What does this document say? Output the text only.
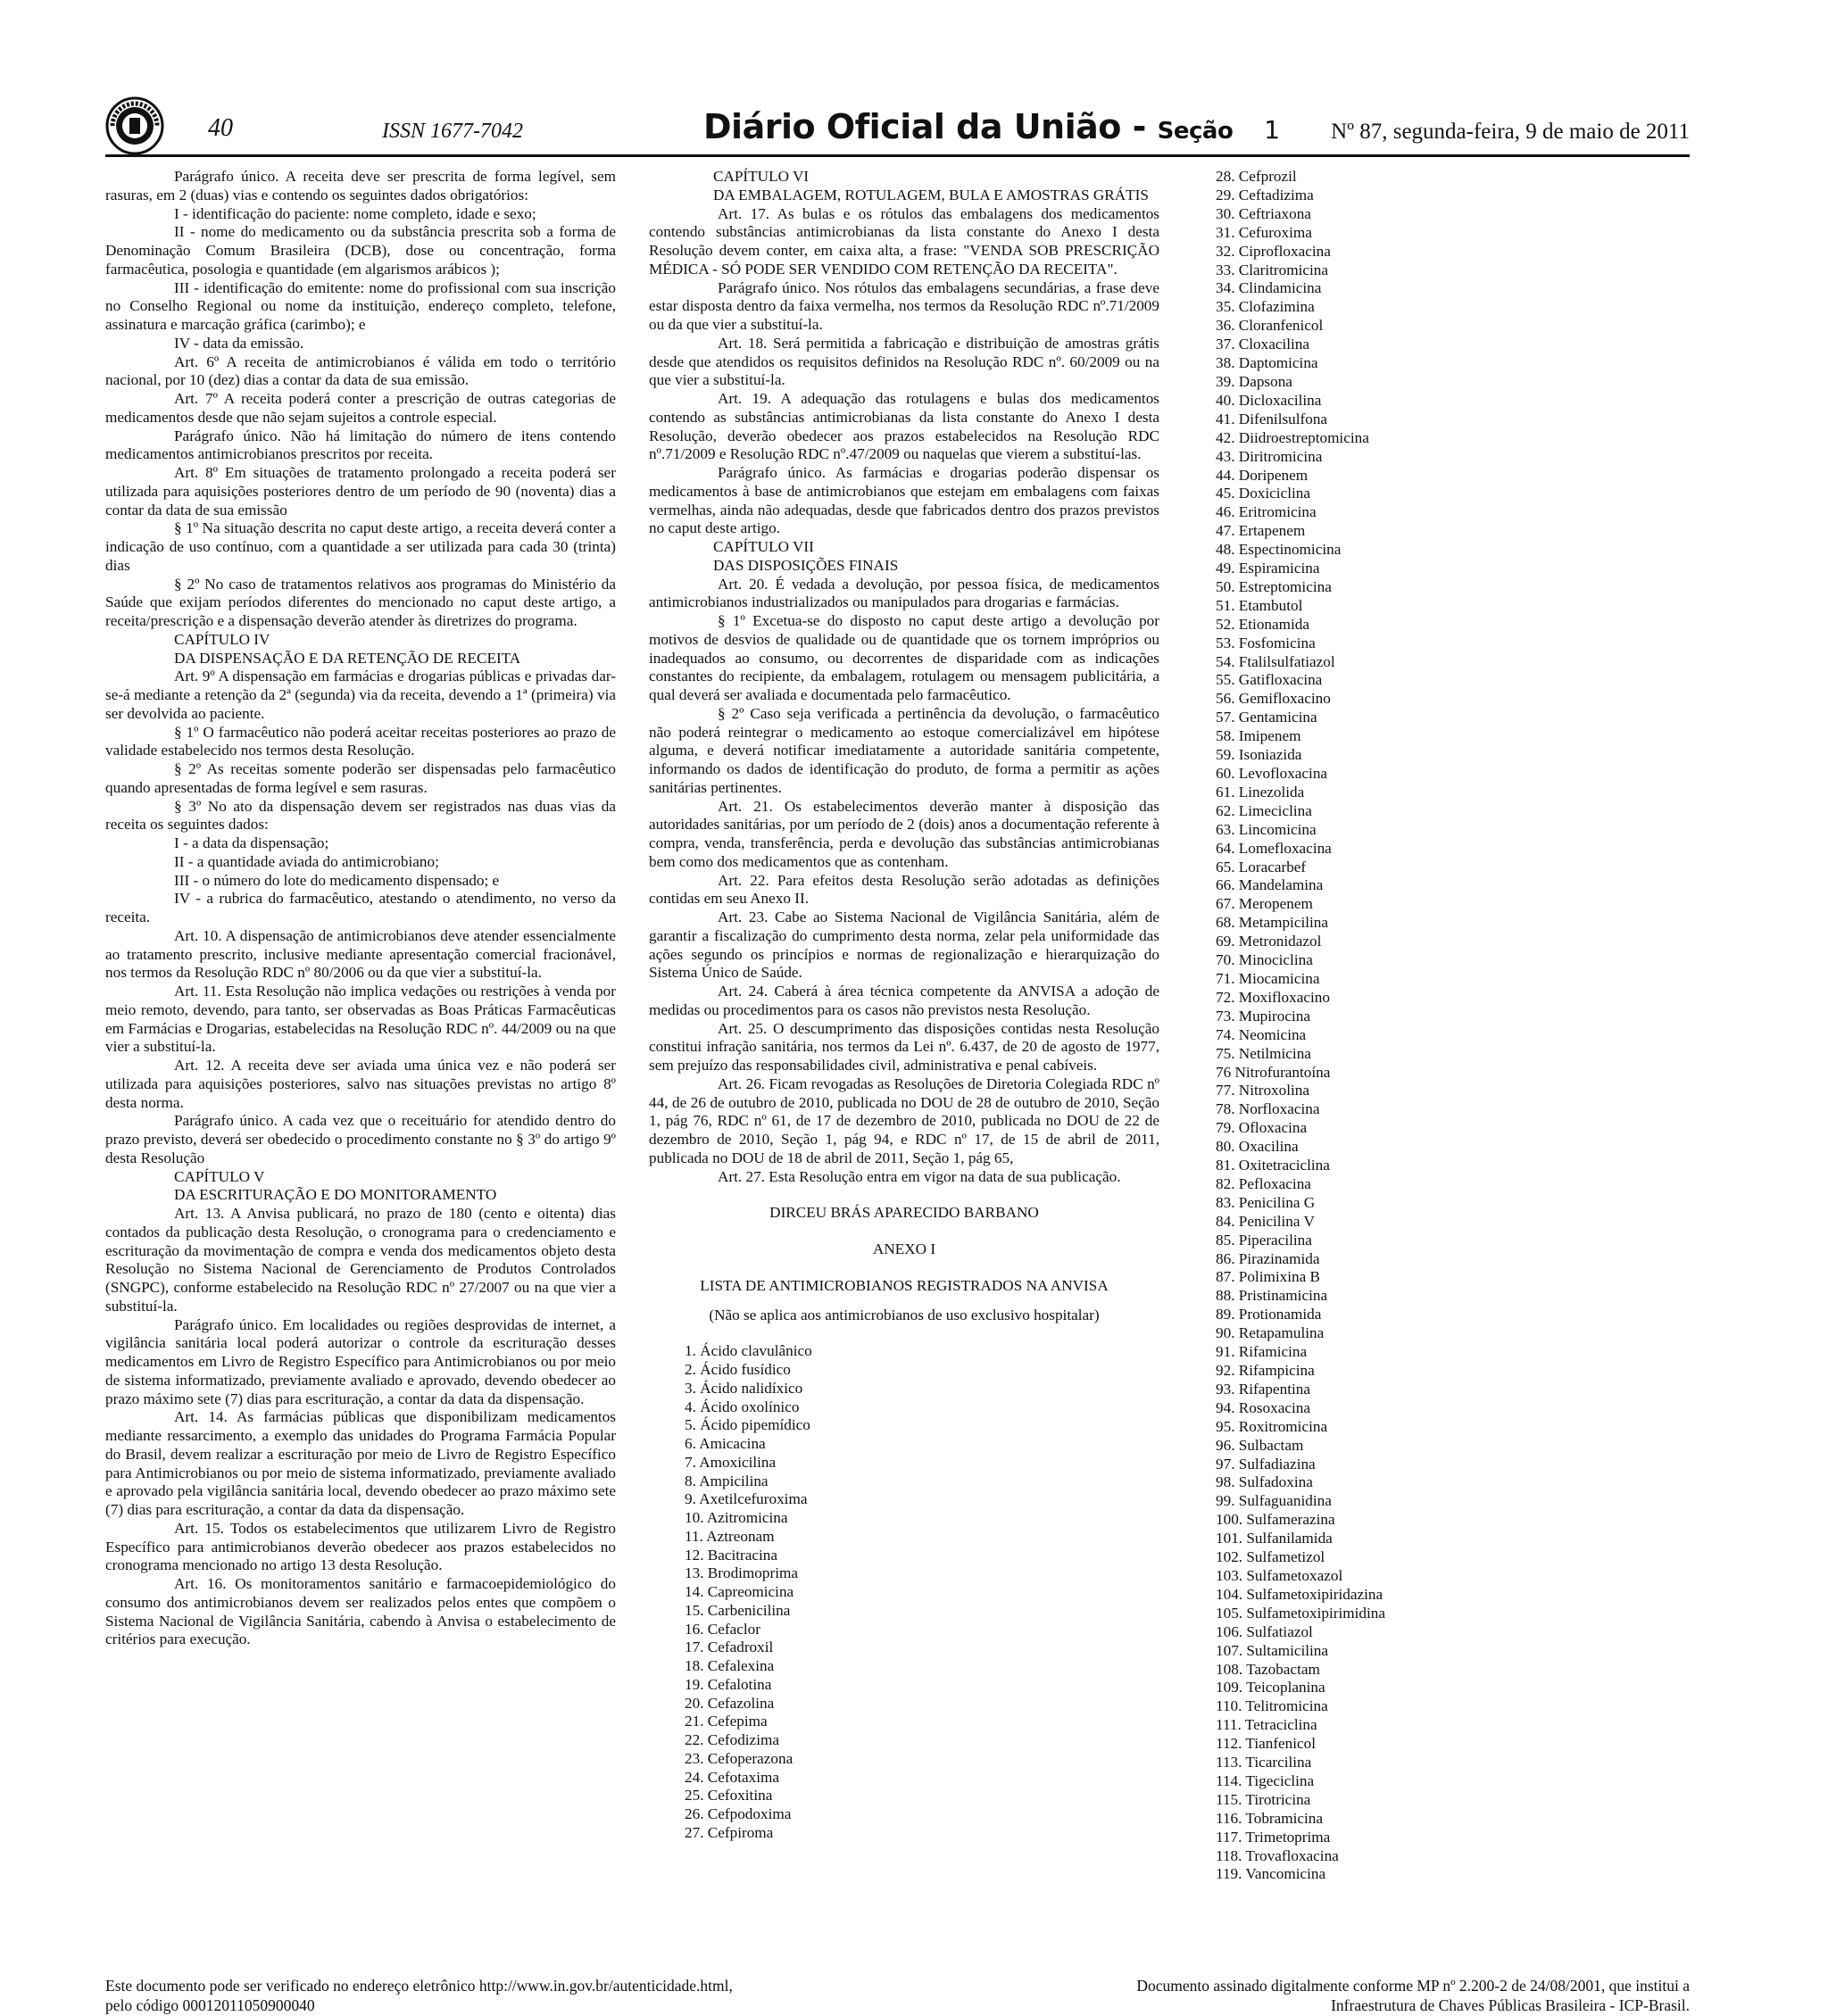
40	ISSN 1677-7042	Diário Oficial da União - Seção 1 Nº 87, segunda-feira, 9 de maio de 2011

Parágrafo único. A receita deve ser prescrita de forma legível, sem rasuras, em 2 (duas) vias e contendo os seguintes dados obrigatórios:

I - identificação do paciente: nome completo, idade e sexo;

II - nome do medicamento ou da substância prescrita sob a forma de Denominação Comum Brasileira (DCB), dose ou concentração, forma farmacêutica, posologia e quantidade (em algarismos arábicos );

III - identificação do emitente: nome do profissional com sua inscrição no Conselho Regional ou nome da instituição, endereço completo, telefone, assinatura e marcação gráfica (carimbo); e

IV - data da emissão.

Art. 6º A receita de antimicrobianos é válida em todo o território nacional, por 10 (dez) dias a contar da data de sua emissão.

Art. 7º A receita poderá conter a prescrição de outras categorias de medicamentos desde que não sejam sujeitos a controle especial.

Parágrafo único. Não há limitação do número de itens contendo medicamentos antimicrobianos prescritos por receita.

Art. 8º Em situações de tratamento prolongado a receita poderá ser utilizada para aquisições posteriores dentro de um período de 90 (noventa) dias a contar da data de sua emissão

§ 1º Na situação descrita no caput deste artigo, a receita deverá conter a indicação de uso contínuo, com a quantidade a ser utilizada para cada 30 (trinta) dias

§ 2º No caso de tratamentos relativos aos programas do Ministério da Saúde que exijam períodos diferentes do mencionado no caput deste artigo, a receita/prescrição e a dispensação deverão atender às diretrizes do programa.

CAPÍTULO IV

DA DISPENSAÇÃO E DA RETENÇÃO DE RECEITA

Art. 9º A dispensação em farmácias e drogarias públicas e privadas dar-se-á mediante a retenção da 2ª (segunda) via da receita, devendo a 1ª (primeira) via ser devolvida ao paciente.

§ 1º O farmacêutico não poderá aceitar receitas posteriores ao prazo de validade estabelecido nos termos desta Resolução.

§ 2º As receitas somente poderão ser dispensadas pelo farmacêutico quando apresentadas de forma legível e sem rasuras.

§ 3º No ato da dispensação devem ser registrados nas duas vias da receita os seguintes dados:

I - a data da dispensação;

II - a quantidade aviada do antimicrobiano;

III - o número do lote do medicamento dispensado; e

IV - a rubrica do farmacêutico, atestando o atendimento, no verso da receita.

Art. 10. A dispensação de antimicrobianos deve atender essencialmente ao tratamento prescrito, inclusive mediante apresentação comercial fracionável, nos termos da Resolução RDC nº 80/2006 ou da que vier a substituí-la.

Art. 11. Esta Resolução não implica vedações ou restrições à venda por meio remoto, devendo, para tanto, ser observadas as Boas Práticas Farmacêuticas em Farmácias e Drogarias, estabelecidas na Resolução RDC nº. 44/2009 ou na que vier a substituí-la.

Art. 12. A receita deve ser aviada uma única vez e não poderá ser utilizada para aquisições posteriores, salvo nas situações previstas no artigo 8º desta norma.

Parágrafo único. A cada vez que o receituário for atendido dentro do prazo previsto, deverá ser obedecido o procedimento constante no § 3º do artigo 9º desta Resolução

CAPÍTULO V

DA ESCRITURAÇÃO E DO MONITORAMENTO

Art. 13. A Anvisa publicará, no prazo de 180 (cento e oitenta) dias contados da publicação desta Resolução, o cronograma para o credenciamento e escrituração da movimentação de compra e venda dos medicamentos objeto desta Resolução no Sistema Nacional de Gerenciamento de Produtos Controlados (SNGPC), conforme estabelecido na Resolução RDC nº 27/2007 ou na que vier a substituí-la.

Parágrafo único. Em localidades ou regiões desprovidas de internet, a vigilância sanitária local poderá autorizar o controle da escrituração desses medicamentos em Livro de Registro Específico para Antimicrobianos ou por meio de sistema informatizado, previamente avaliado e aprovado, devendo obedecer ao prazo máximo sete (7) dias para escrituração, a contar da data da dispensação.

Art. 14. As farmácias públicas que disponibilizam medicamentos mediante ressarcimento, a exemplo das unidades do Programa Farmácia Popular do Brasil, devem realizar a escrituração por meio de Livro de Registro Específico para Antimicrobianos ou por meio de sistema informatizado, previamente avaliado e aprovado pela vigilância sanitária local, devendo obedecer ao prazo máximo sete (7) dias para escrituração, a contar da data da dispensação.

Art. 15. Todos os estabelecimentos que utilizarem Livro de Registro Específico para antimicrobianos deverão obedecer aos prazos estabelecidos no cronograma mencionado no artigo 13 desta Resolução.

Art. 16. Os monitoramentos sanitário e farmacoepidemiológico do consumo dos antimicrobianos devem ser realizados pelos entes que compõem o Sistema Nacional de Vigilância Sanitária, cabendo à Anvisa o estabelecimento de critérios para execução.

CAPÍTULO VI

DA EMBALAGEM, ROTULAGEM, BULA E AMOSTRAS GRÁTIS

Art. 17. As bulas e os rótulos das embalagens dos medicamentos contendo substâncias antimicrobianas da lista constante do Anexo I desta Resolução devem conter, em caixa alta, a frase: "VENDA SOB PRESCRIÇÃO MÉDICA - SÓ PODE SER VENDIDO COM RETENÇÃO DA RECEITA".

Parágrafo único. Nos rótulos das embalagens secundárias, a frase deve estar disposta dentro da faixa vermelha, nos termos da Resolução RDC nº.71/2009 ou da que vier a substituí-la.

Art. 18. Será permitida a fabricação e distribuição de amostras grátis desde que atendidos os requisitos definidos na Resolução RDC nº. 60/2009 ou na que vier a substituí-la.

Art. 19. A adequação das rotulagens e bulas dos medicamentos contendo as substâncias antimicrobianas da lista constante do Anexo I desta Resolução, deverão obedecer aos prazos estabelecidos na Resolução RDC nº.71/2009 e Resolução RDC nº.47/2009 ou naquelas que vierem a substituí-las.

Parágrafo único. As farmácias e drogarias poderão dispensar os medicamentos à base de antimicrobianos que estejam em embalagens com faixas vermelhas, ainda não adequadas, desde que fabricados dentro dos prazos previstos no caput deste artigo.

CAPÍTULO VII

DAS DISPOSIÇÕES FINAIS

Art. 20. É vedada a devolução, por pessoa física, de medicamentos antimicrobianos industrializados ou manipulados para drogarias e farmácias.

§ 1º Excetua-se do disposto no caput deste artigo a devolução por motivos de desvios de qualidade ou de quantidade que os tornem impróprios ou inadequados ao consumo, ou decorrentes de disparidade com as indicações constantes do recipiente, da embalagem, rotulagem ou mensagem publicitária, a qual deverá ser avaliada e documentada pelo farmacêutico.

§ 2º Caso seja verificada a pertinência da devolução, o farmacêutico não poderá reintegrar o medicamento ao estoque comercializável em hipótese alguma, e deverá notificar imediatamente a autoridade sanitária competente, informando os dados de identificação do produto, de forma a permitir as ações sanitárias pertinentes.

Art. 21. Os estabelecimentos deverão manter à disposição das autoridades sanitárias, por um período de 2 (dois) anos a documentação referente à compra, venda, transferência, perda e devolução das substâncias antimicrobianas bem como dos medicamentos que as contenham.

Art. 22. Para efeitos desta Resolução serão adotadas as definições contidas em seu Anexo II.

Art. 23. Cabe ao Sistema Nacional de Vigilância Sanitária, além de garantir a fiscalização do cumprimento desta norma, zelar pela uniformidade das ações segundo os princípios e normas de regionalização e hierarquização do Sistema Único de Saúde.

Art. 24. Caberá à área técnica competente da ANVISA a adoção de medidas ou procedimentos para os casos não previstos nesta Resolução.

Art. 25. O descumprimento das disposições contidas nesta Resolução constitui infração sanitária, nos termos da Lei nº. 6.437, de 20 de agosto de 1977, sem prejuízo das responsabilidades civil, administrativa e penal cabíveis.

Art. 26. Ficam revogadas as Resoluções de Diretoria Colegiada RDC nº 44, de 26 de outubro de 2010, publicada no DOU de 28 de outubro de 2010, Seção 1, pág 76, RDC nº 61, de 17 de dezembro de 2010, publicada no DOU de 22 de dezembro de 2010, Seção 1, pág 94, e RDC nº 17, de 15 de abril de 2011, publicada no DOU de 18 de abril de 2011, Seção 1, pág 65,

Art. 27. Esta Resolução entra em vigor na data de sua publicação.

DIRCEU BRÁS APARECIDO BARBANO

ANEXO I

LISTA DE ANTIMICROBIANOS REGISTRADOS NA ANVISA

(Não se aplica aos antimicrobianos de uso exclusivo hospitalar)

1. Ácido clavulânico

2. Ácido fusídico

3. Ácido nalidíxico

4. Ácido oxolínico

5. Ácido pipemídico

6. Amicacina

7. Amoxicilina

8. Ampicilina

9. Axetilcefuroxima

10. Azitromicina

11. Aztreonam

12. Bacitracina

13. Brodimoprima

14. Capreomicina

15. Carbenicilina

16. Cefaclor

17. Cefadroxil

18. Cefalexina

19. Cefalotina

20. Cefazolina

21. Cefepima

22. Cefodizima

23. Cefoperazona

24. Cefotaxima

25. Cefoxitina

26. Cefpodoxima

27. Cefpiroma

28. Cefprozil

29. Ceftadizima

30. Ceftriaxona

31. Cefuroxima

32. Ciprofloxacina

33. Claritromicina

34. Clindamicina

35. Clofazimina

36. Cloranfenicol

37. Cloxacilina

38. Daptomicina

39. Dapsona

40. Dicloxacilina

41. Difenilsulfona

42. Diidroestreptomicina

43. Diritromicina

44. Doripenem

45. Doxiciclina

46. Eritromicina

47. Ertapenem

48. Espectinomicina

49. Espiramicina

50. Estreptomicina

51. Etambutol

52. Etionamida

53. Fosfomicina

54. Ftalilsulfatiazol

55. Gatifloxacina

56. Gemifloxacino

57. Gentamicina

58. Imipenem

59. Isoniazida

60. Levofloxacina

61. Linezolida

62. Limeciclina

63. Lincomicina

64. Lomefloxacina

65. Loracarbef

66. Mandelamina

67. Meropenem

68. Metampicilina

69. Metronidazol

70. Minociclina

71. Miocamicina

72. Moxifloxacino

73. Mupirocina

74. Neomicina

75. Netilmicina

76 Nitrofurantoína

77. Nitroxolina

78. Norfloxacina

79. Ofloxacina

80. Oxacilina

81. Oxitetraciclina

82. Pefloxacina

83. Penicilina G

84. Penicilina V

85. Piperacilina

86. Pirazinamida

87. Polimixina B

88. Pristinamicina

89. Protionamida

90. Retapamulina

91. Rifamicina

92. Rifampicina

93. Rifapentina

94. Rosoxacina

95. Roxitromicina

96. Sulbactam

97. Sulfadiazina

98. Sulfadoxina

99. Sulfaguanidina

100. Sulfamerazina

101. Sulfanilamida

102. Sulfametizol

103. Sulfametoxazol

104. Sulfametoxipiridazina

105. Sulfametoxipirimidina

106. Sulfatiazol

107. Sultamicilina

108. Tazobactam

109. Teicoplanina

110. Telitromicina

111. Tetraciclina

112. Tianfenicol

113. Ticarcilina

114. Tigeciclina

115. Tirotricina

116. Tobramicina

117. Trimetoprima

118. Trovafloxacina

119. Vancomicina

Este documento pode ser verificado no endereço eletrônico http://www.in.gov.br/autenticidade.html,
pelo código 00012011050900040
Documento assinado digitalmente conforme MP nº 2.200-2 de 24/08/2001, que institui a
Infraestrutura de Chaves Públicas Brasileira - ICP-Brasil.
